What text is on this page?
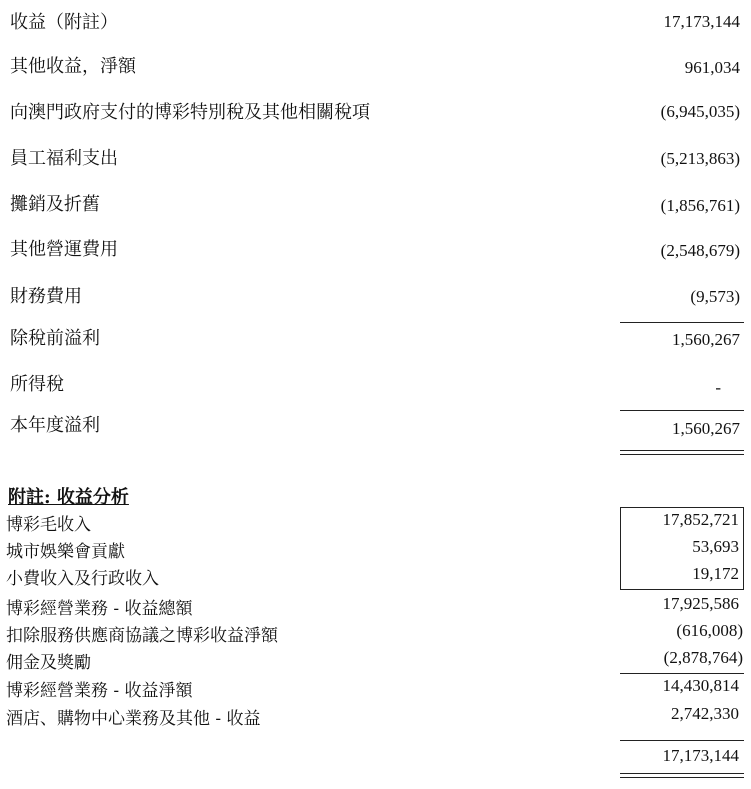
收益（附註）	17,173,144
其他收益，淨額	961,034
向澳門政府支付的博彩特別稅及其他相關稅項	(6,945,035)
員工福利支出	(5,213,863)
攤銷及折舊	(1,856,761)
其他營運費用	(2,548,679)
財務費用	(9,573)
除稅前溢利	1,560,267
所得稅	-
本年度溢利	1,560,267
附註: 收益分析
博彩毛收入	17,852,721
城市娛樂會貢獻	53,693
小費收入及行政收入	19,172
博彩經營業務 - 收益總額	17,925,586
扣除服務供應商協議之博彩收益淨額	(616,008)
佣金及獎勵	(2,878,764)
博彩經營業務 - 收益淨額	14,430,814
酒店、購物中心業務及其他 - 收益	2,742,330
17,173,144
